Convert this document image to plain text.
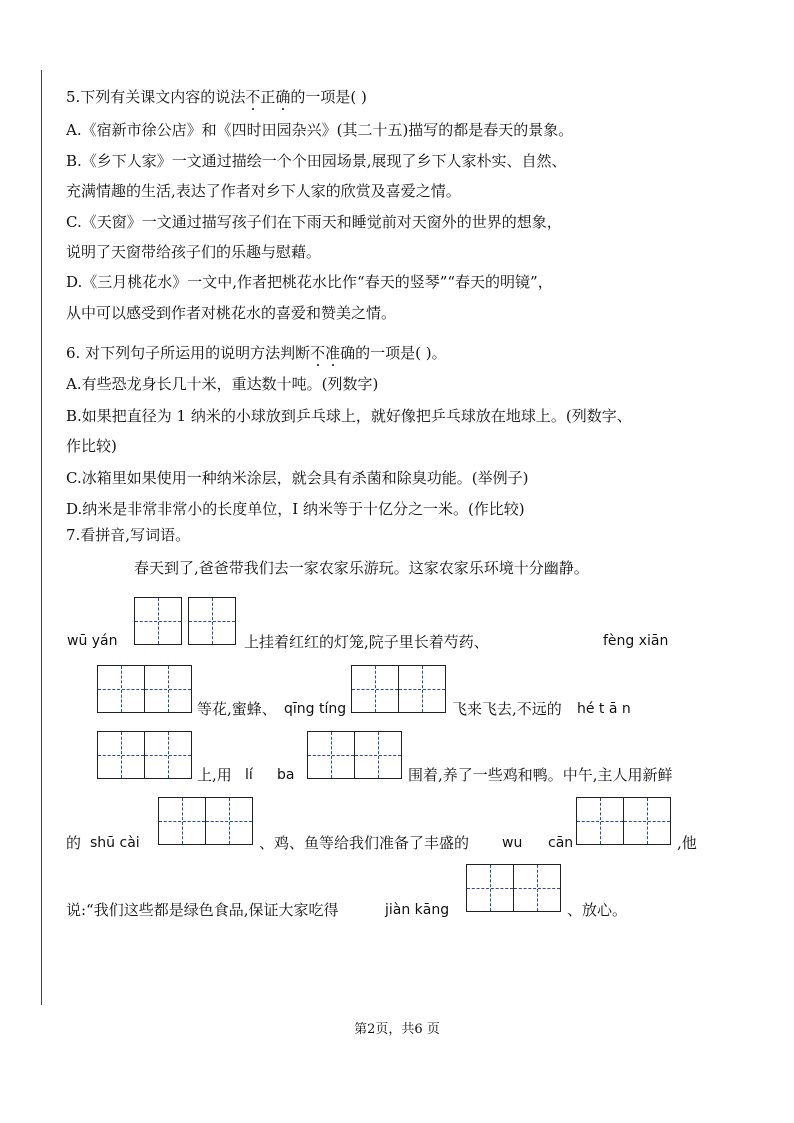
5.下列有关课文内容的说法不正确的一项是( )
A.《宿新市徐公店》和《四时田园杂兴》(其二十五)描写的都是春天的景象。
B.《乡下人家》一文通过描绘一个个田园场景,展现了乡下人家朴实、自然、
充满情趣的生活,表达了作者对乡下人家的欣赏及喜爱之情。
C.《天窗》一文通过描写孩子们在下雨天和睡觉前对天窗外的世界的想象，
说明了天窗带给孩子们的乐趣与慰藉。
D.《三月桃花水》一文中,作者把桃花水比作“春天的竖琴”“春天的明镜”，
从中可以感受到作者对桃花水的喜爱和赞美之情。
6. 对下列句子所运用的说明方法判断不准确的一项是( )。
A.有些恐龙身长几十米，重达数十吨。(列数字)
B.如果把直径为 1 纳米的小球放到乒乓球上，就好像把乒乓球放在地球上。(列数字、
作比较)
C.冰箱里如果使用一种纳米涂层，就会具有杀菌和除臭功能。(举例子)
D.纳米是非常非常小的长度单位，I 纳米等于十亿分之一米。(作比较)
7.看拼音,写词语。
春天到了,爸爸带我们去一家农家乐游玩。这家农家乐环境十分幽静。
wū yán	上挂着红红的灯笼,院子里长着芍药、	fèng xiān
等花,蜜蜂、 qīng tíng	飞来飞去,不远的 hé t ā n
上,用 lí ba	围着,养了一些鸡和鸭。中午,主人用新鲜
的 shū cài	、鸡、鱼等给我们准备了丰盛的 wu cān	,他
说:“我们这些都是绿色食品,保证大家吃得	jiàn kāng	、放心。
第2页，共6 页
